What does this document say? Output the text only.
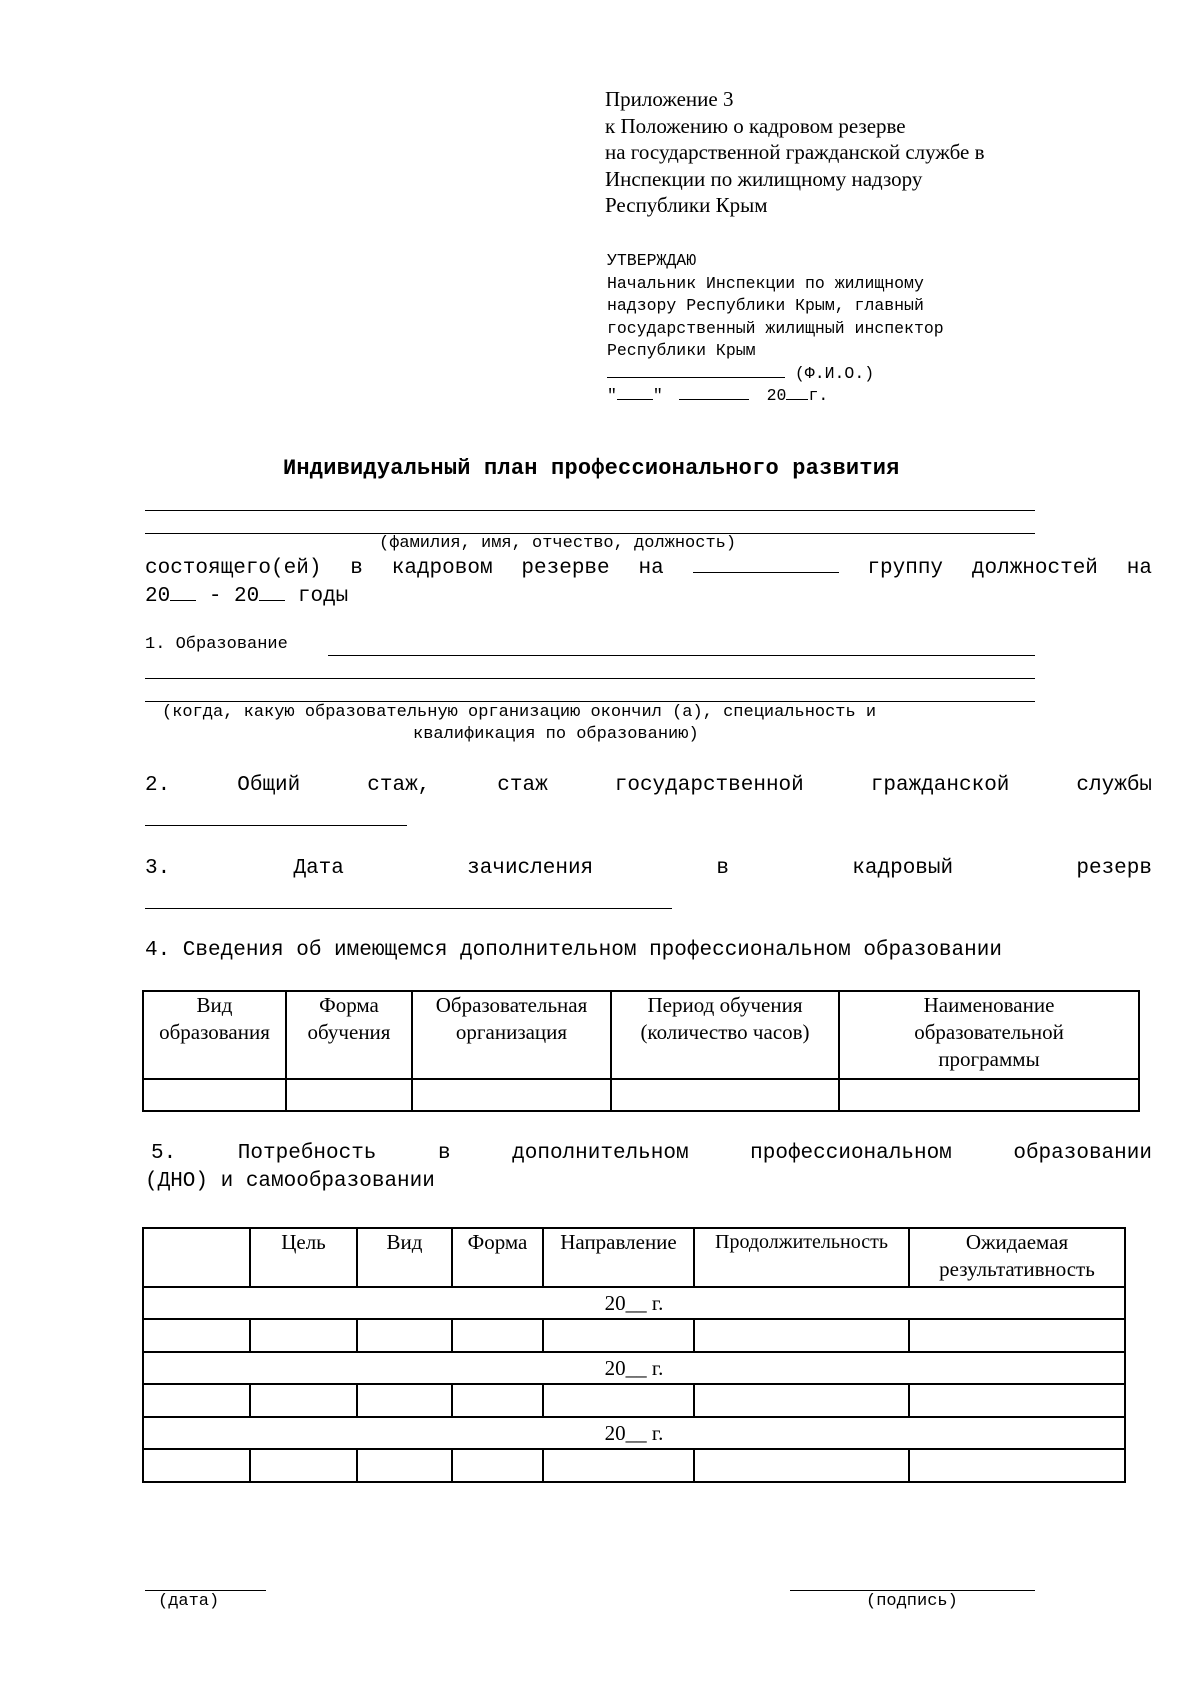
Приложение 3
к Положению о кадровом резерве
на государственной гражданской службе в
Инспекции по жилищному надзору
Республики Крым
УТВЕРЖДАЮ
Начальник Инспекции по жилищному
надзору Республики Крым, главный
государственный жилищный инспектор
Республики Крым
(Ф.И.О.)
" "	20 г.
Индивидуальный план профессионального развития
(фамилия, имя, отчество, должность)
состоящего(ей) в кадровом резерве на	группу должностей на
20 - 20 годы
1. Образование
(когда, какую образовательную организацию окончил (а), специальность и
квалификация по образованию)
2.	Общий	стаж,	стаж	государственной	гражданской	службы
3.	Дата	зачисления	в	кадровый	резерв
4. Сведения об имеющемся дополнительном профессиональном образовании
Вид образования	Форма обучения	Образовательная организация	Период обучения (количество часов)	Наименование образовательной программы

5.	Потребность	в	дополнительном	профессиональном	образовании
(ДНО) и самообразовании
	Цель	Вид	Форма	Направление	Продолжительность	Ожидаемая результативность
20__ г.						

20__ г.						

20__ г.						

(дата)	(подпись)
